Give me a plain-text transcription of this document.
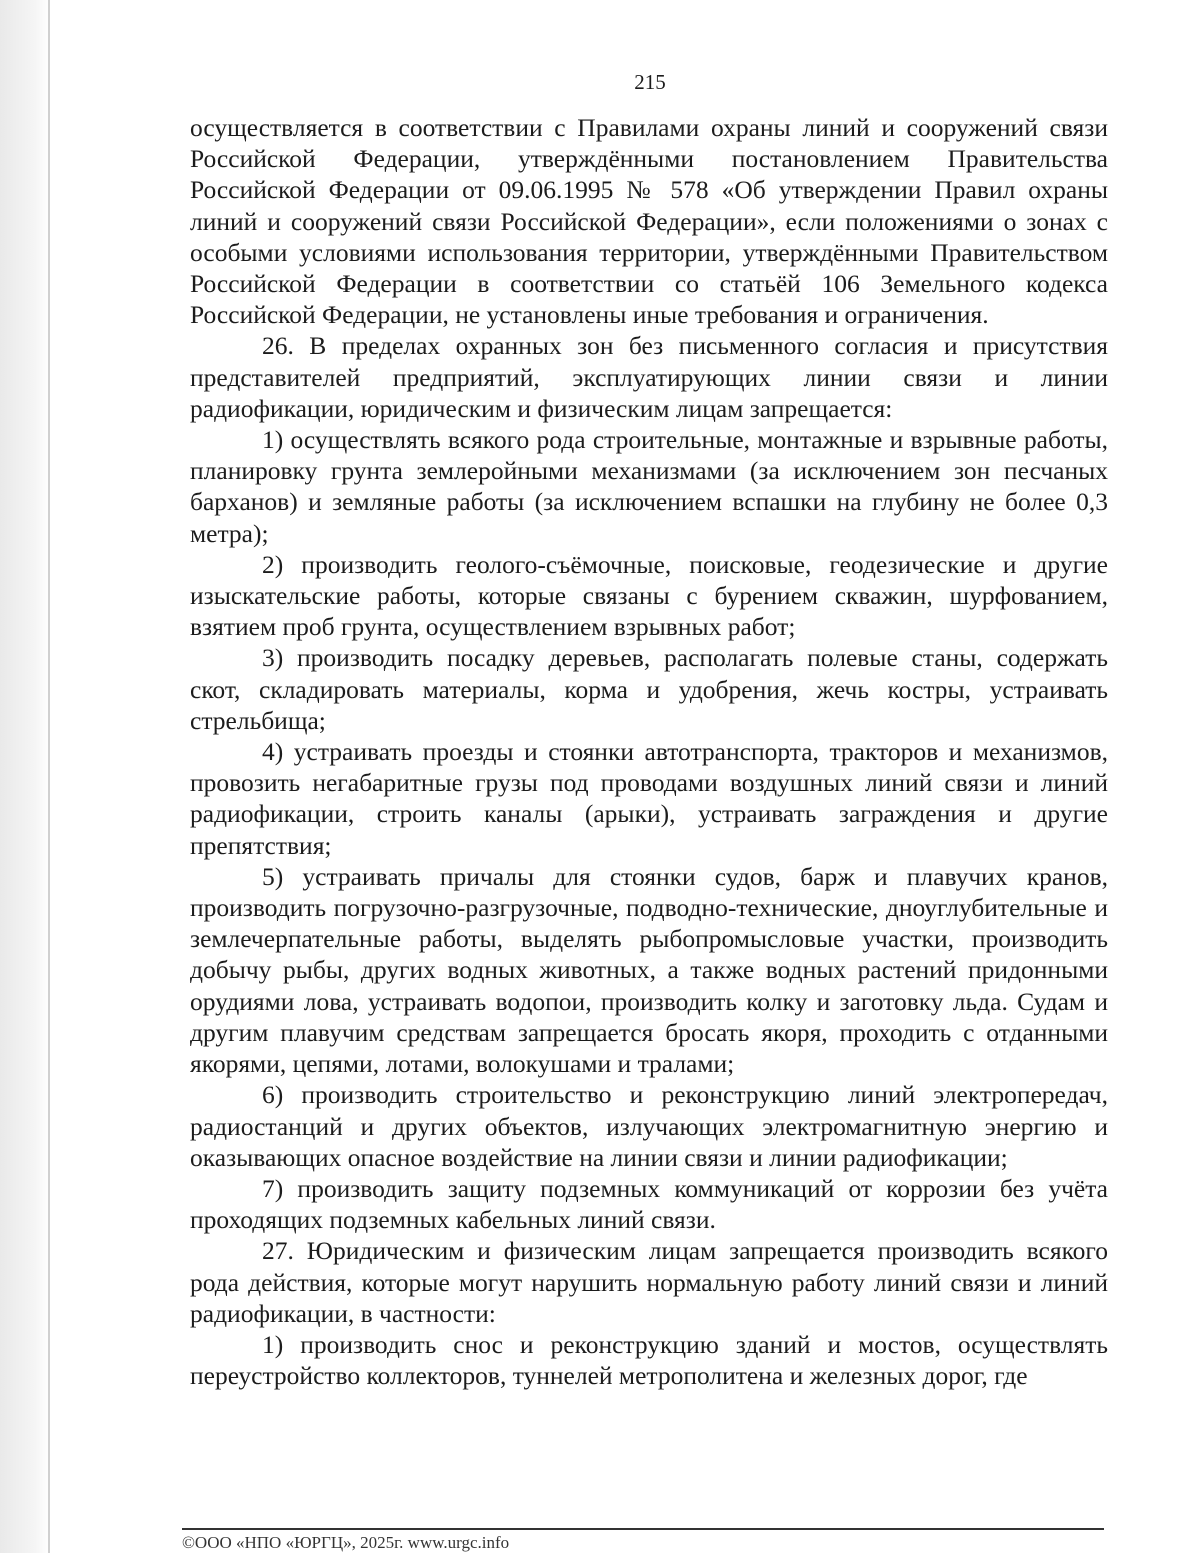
215

осуществляется в соответствии с Правилами охраны линий и сооружений связи Российской Федерации, утверждёнными постановлением Правительства Российской Федерации от 09.06.1995 № 578 «Об утверждении Правил охраны линий и сооружений связи Российской Федерации», если положениями о зонах с особыми условиями использования территории, утверждёнными Правительством Российской Федерации в соответствии со статьёй 106 Земельного кодекса Российской Федерации, не установлены иные требования и ограничения.

26. В пределах охранных зон без письменного согласия и присутствия представителей предприятий, эксплуатирующих линии связи и линии радиофикации, юридическим и физическим лицам запрещается:

1) осуществлять всякого рода строительные, монтажные и взрывные работы, планировку грунта землеройными механизмами (за исключением зон песчаных барханов) и земляные работы (за исключением вспашки на глубину не более 0,3 метра);

2) производить геолого-съёмочные, поисковые, геодезические и другие изыскательские работы, которые связаны с бурением скважин, шурфованием, взятием проб грунта, осуществлением взрывных работ;

3) производить посадку деревьев, располагать полевые станы, содержать скот, складировать материалы, корма и удобрения, жечь костры, устраивать стрельбища;

4) устраивать проезды и стоянки автотранспорта, тракторов и механизмов, провозить негабаритные грузы под проводами воздушных линий связи и линий радиофикации, строить каналы (арыки), устраивать заграждения и другие препятствия;

5) устраивать причалы для стоянки судов, барж и плавучих кранов, производить погрузочно-разгрузочные, подводно-технические, дноуглубительные и землечерпательные работы, выделять рыбопромысловые участки, производить добычу рыбы, других водных животных, а также водных растений придонными орудиями лова, устраивать водопои, производить колку и заготовку льда. Судам и другим плавучим средствам запрещается бросать якоря, проходить с отданными якорями, цепями, лотами, волокушами и тралами;

6) производить строительство и реконструкцию линий электропередач, радиостанций и других объектов, излучающих электромагнитную энергию и оказывающих опасное воздействие на линии связи и линии радиофикации;

7) производить защиту подземных коммуникаций от коррозии без учёта проходящих подземных кабельных линий связи.

27. Юридическим и физическим лицам запрещается производить всякого рода действия, которые могут нарушить нормальную работу линий связи и линий радиофикации, в частности:

1) производить снос и реконструкцию зданий и мостов, осуществлять переустройство коллекторов, туннелей метрополитена и железных дорог, где

©ООО «НПО «ЮРГЦ», 2025г. www.urgc.info
